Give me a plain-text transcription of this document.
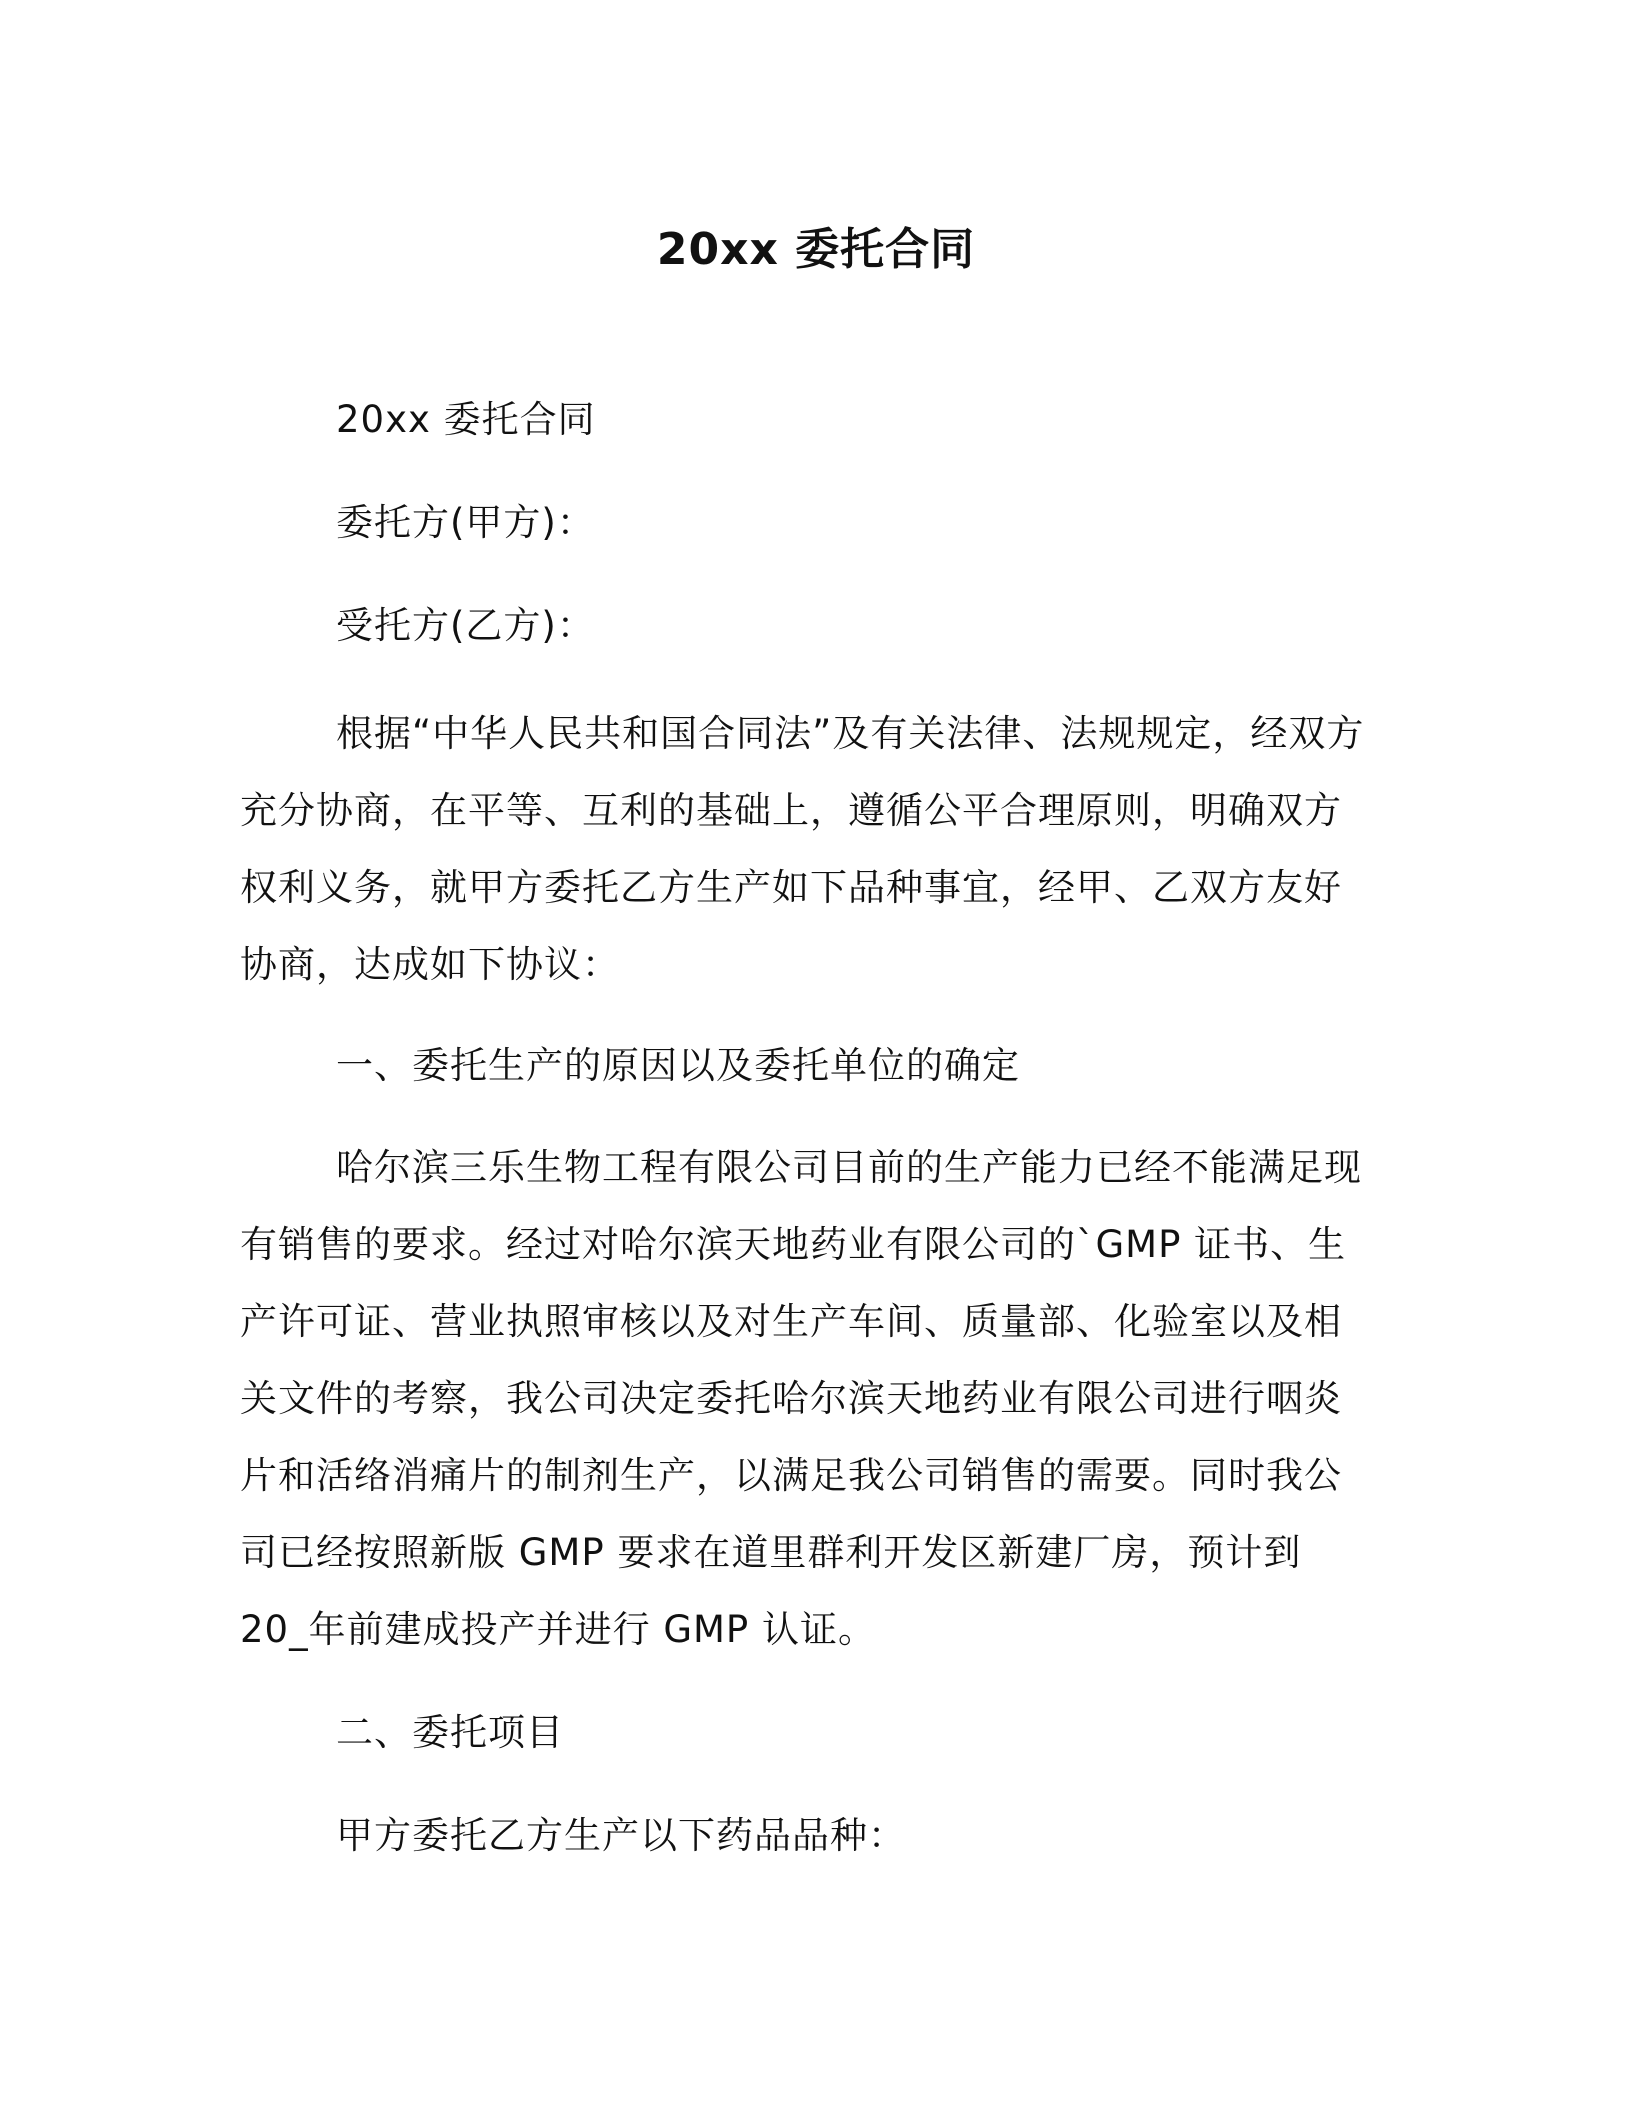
20xx 委托合同

20xx 委托合同

委托方(甲方)：

受托方(乙方)：

根据“中华人民共和国合同法”及有关法律、法规规定，经双方充分协商，在平等、互利的基础上，遵循公平合理原则，明确双方权利义务，就甲方委托乙方生产如下品种事宜，经甲、乙双方友好协商，达成如下协议：

一、委托生产的原因以及委托单位的确定

哈尔滨三乐生物工程有限公司目前的生产能力已经不能满足现有销售的要求。经过对哈尔滨天地药业有限公司的`GMP 证书、生产许可证、营业执照审核以及对生产车间、质量部、化验室以及相关文件的考察，我公司决定委托哈尔滨天地药业有限公司进行咽炎片和活络消痛片的制剂生产，以满足我公司销售的需要。同时我公司已经按照新版 GMP 要求在道里群利开发区新建厂房，预计到 20_年前建成投产并进行 GMP 认证。

二、委托项目

甲方委托乙方生产以下药品品种：
